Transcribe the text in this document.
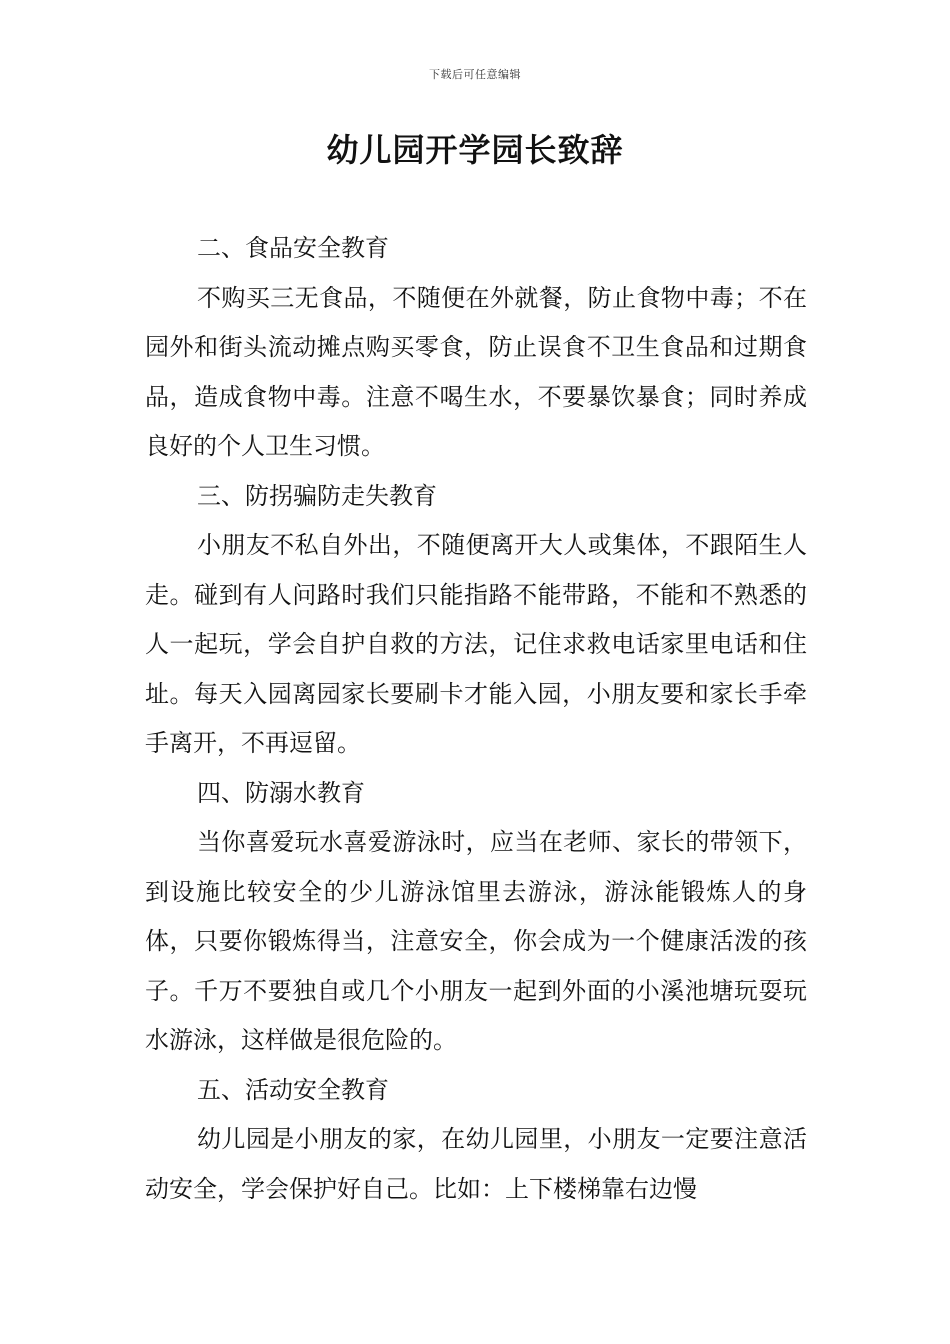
下载后可任意编辑
幼儿园开学园长致辞

二、食品安全教育

不购买三无食品，不随便在外就餐，防止食物中毒；不在园外和街头流动摊点购买零食，防止误食不卫生食品和过期食品，造成食物中毒。注意不喝生水，不要暴饮暴食；同时养成良好的个人卫生习惯。

三、防拐骗防走失教育

小朋友不私自外出，不随便离开大人或集体，不跟陌生人走。碰到有人问路时我们只能指路不能带路，不能和不熟悉的人一起玩，学会自护自救的方法，记住求救电话家里电话和住址。每天入园离园家长要刷卡才能入园，小朋友要和家长手牵手离开，不再逗留。

四、防溺水教育

当你喜爱玩水喜爱游泳时，应当在老师、家长的带领下，到设施比较安全的少儿游泳馆里去游泳，游泳能锻炼人的身体，只要你锻炼得当，注意安全，你会成为一个健康活泼的孩子。千万不要独自或几个小朋友一起到外面的小溪池塘玩耍玩水游泳，这样做是很危险的。

五、活动安全教育

幼儿园是小朋友的家，在幼儿园里，小朋友一定要注意活动安全，学会保护好自己。比如：上下楼梯靠右边慢
